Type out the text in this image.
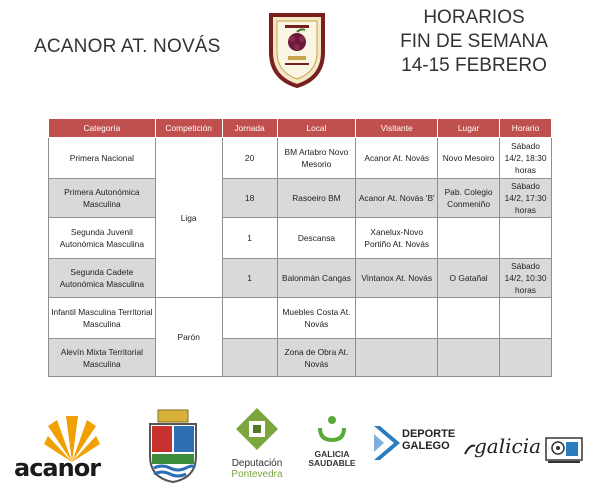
ACANOR AT. NOVÁS
HORARIOS
FIN DE SEMANA
14-15 FEBRERO
Categoría	Competición	Jornada	Local	Visitante	Lugar	Horario
Primera Nacional	Liga	20	BM Artabro Novo Mesorio	Acanor At. Novás	Novo Mesoiro	Sábado 14/2, 18:30 horas
Primera Autonómica Masculina		18	Rasoeiro BM	Acanor At. Novás 'B'	Pab. Colegio Conmeniño	Sábado 14/2, 17:30 horas
Segunda Juvenil Autonómica Masculina		1	Descansa	Xanelux-Novo Portiño At. Novás		
Segunda Cadete Autonómica Masculina		1	Balonmán Cangas	Vintanox At. Novás	O Gatañal	Sábado 14/2, 10:30 horas
Infantil Masculina Territorial Masculina	Parón		Muebles Costa At. Novás			
Alevín Mixta Territorial Masculina			Zona de Obra At. Novás			
acanor	Deputación
Pontevedra
GALICIA
SAUDABLE
DEPORTE
GALEGO galicia
